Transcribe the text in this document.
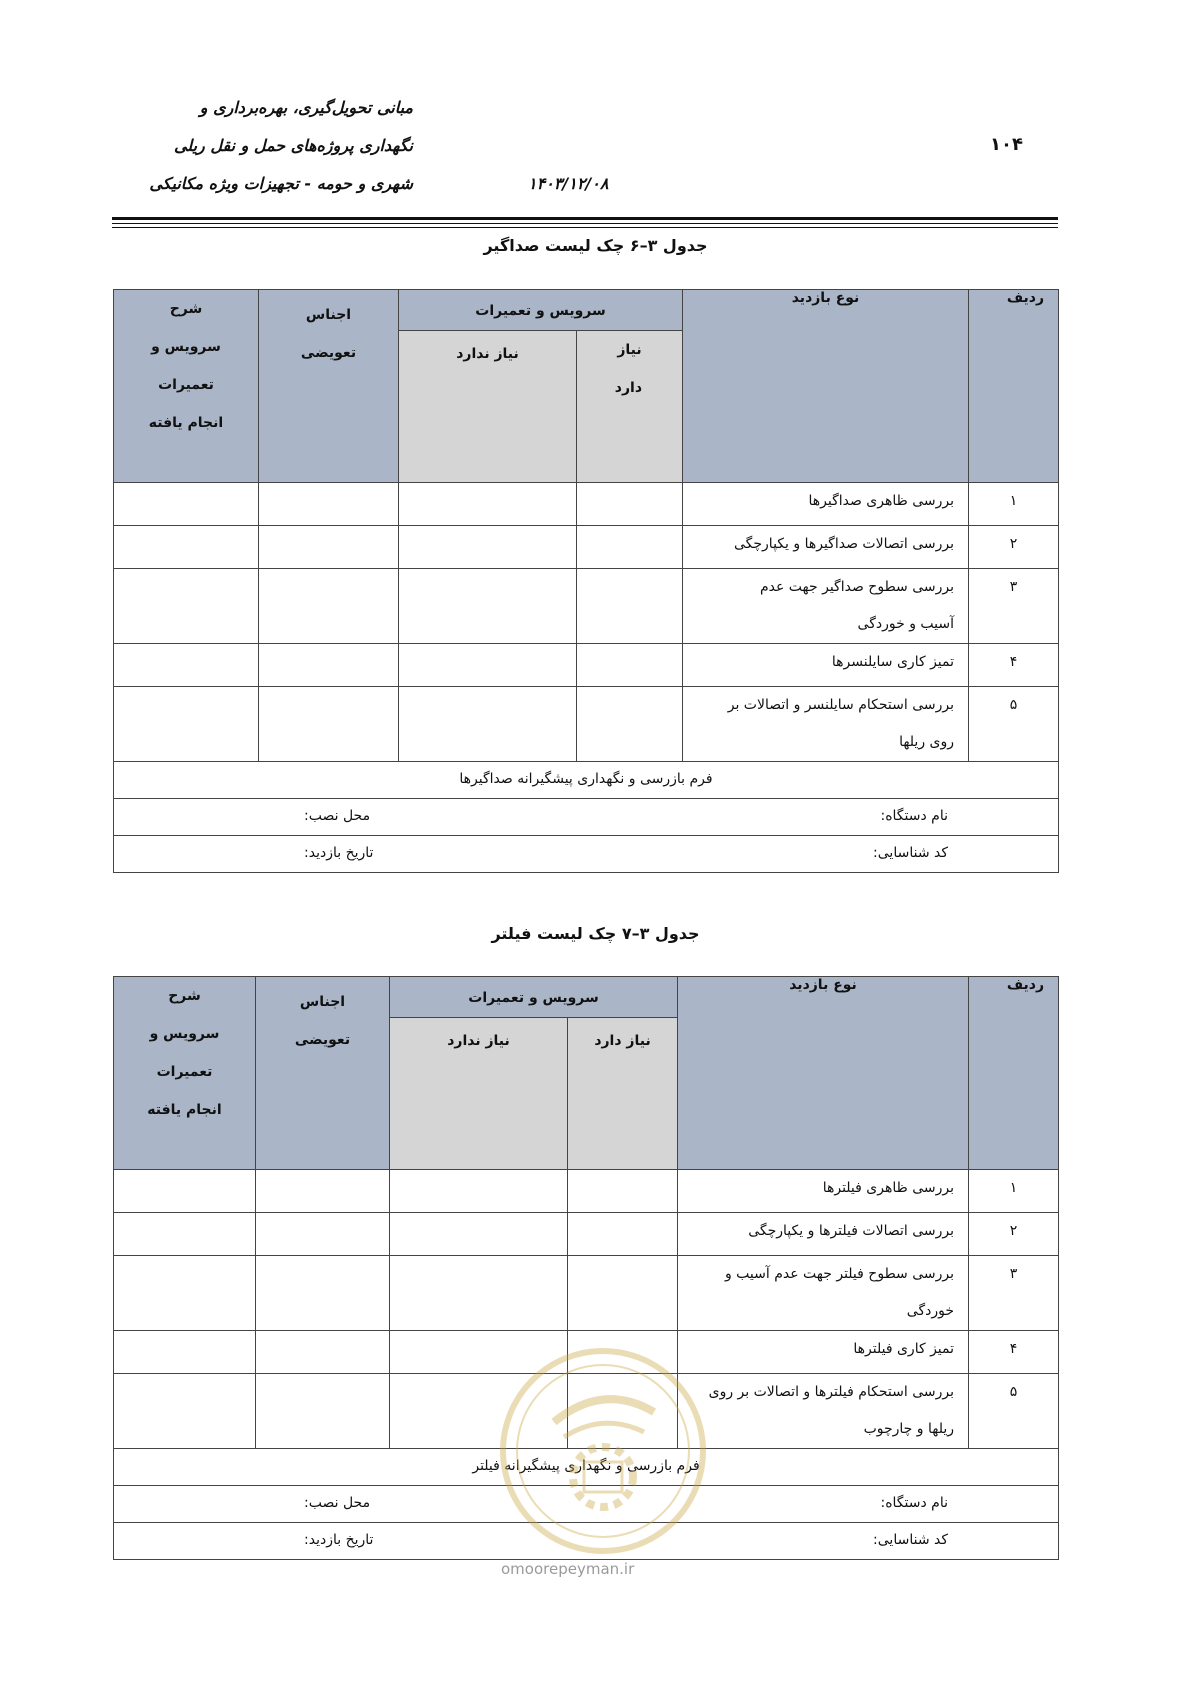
مبانی تحویل‌گیری، بهره‌برداری و
نگهداری پروژه‌های حمل و نقل ریلی
شهری و حومه - تجهیزات ویژه مکانیکی	۱۴۰۳/۱۲/۰۸
۱۰۴
جدول ۳–۶ چک لیست صداگیر
ردیف	نوع بازدید	سرویس و تعمیرات		اجناس تعویضی	شرح سرویس و تعمیرات انجام یافته
		نیاز دارد	نیاز ندارد		
۱	بررسی ظاهری صداگیرها				
۲	بررسی اتصالات صداگیرها و یکپارچگی				
۳	بررسی سطوح صداگیر جهت عدم آسیب و خوردگی				
۴	تمیز کاری سایلنسرها				
۵	بررسی استحکام سایلنسر و اتصالات بر روی ریلها				
فرم بازرسی و نگهداری پیشگیرانه صداگیرها					

نام دستگاه:
محل نصب:					

کد شناسایی:
تاریخ بازدید:					
جدول ۳–۷ چک لیست فیلتر
ردیف	نوع بازدید	سرویس و تعمیرات		اجناس تعویضی	شرح سرویس و تعمیرات انجام یافته
		نیاز دارد	نیاز ندارد		
۱	بررسی ظاهری فیلترها				
۲	بررسی اتصالات فیلترها و یکپارچگی				
۳	بررسی سطوح فیلتر جهت عدم آسیب و خوردگی				
۴	تمیز کاری فیلترها				
۵	بررسی استحکام فیلترها و اتصالات بر روی ریلها و چارچوب				
فرم بازرسی و نگهداری پیشگیرانه فیلتر					

نام دستگاه:
محل نصب:					

کد شناسایی:
تاریخ بازدید:					
omoorepeyman.ir
